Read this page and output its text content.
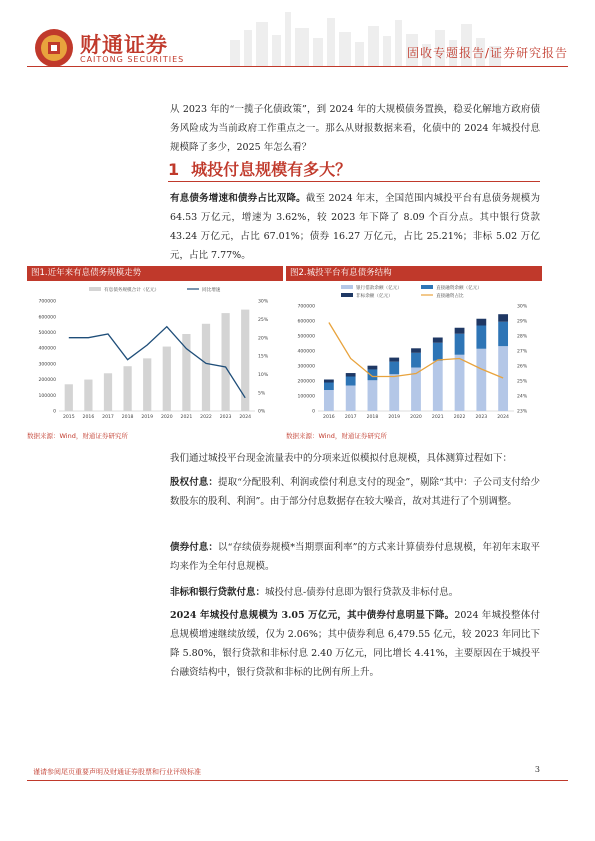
财通证券
CAITONG SECURITIES	固收专题报告/证券研究报告

从 2023 年的“一揽子化债政策”，到 2024 年的大规模债务置换，稳妥化解地方政府债务风险成为当前政府工作重点之一。那么从财报数据来看，化债中的 2024 年城投付息规模降了多少，2025 年怎么看？

1 城投付息规模有多大？

有息债务增速和债券占比双降。截至 2024 年末，全国范围内城投平台有息债务规模为 64.53 万亿元，增速为 3.62%，较 2023 年下降了 8.09 个百分点。其中银行贷款 43.24 万亿元，占比 67.01%；债券 16.27 万亿元，占比 25.21%；非标 5.02 万亿元，占比 7.77%。

图1.近年来有息债务规模走势
有息债务规模合计（亿元）	同比增速
0
100000
200000
300000
400000
500000
600000
700000
0%
5%
10%
15%
20%
25%
30%
2015 2016 2017 2018 2019 2020 2021 2022 2023 2024
数据来源：Wind，财通证券研究所
图2.城投平台有息债务结构
银行借款余额（亿元）	直接融资余额（亿元）
非标余额（亿元）	直接融资占比
0
100000
200000
300000
400000
500000
600000
700000
23%
24%
25%
26%
27%
28%
29%
30%
2016 2017 2018 2019 2020 2021 2022 2023 2024
数据来源：Wind，财通证券研究所

我们通过城投平台现金流量表中的分项来近似模拟付息规模，具体测算过程如下：

股权付息：提取“分配股利、利润或偿付利息支付的现金”，剔除“其中：子公司支付给少数股东的股利、利润”。由于部分付息数据存在较大噪音，故对其进行了个别调整。

债券付息：以“存续债券规模*当期票面利率”的方式来计算债券付息规模，年初年末取平均来作为全年付息规模。

非标和银行贷款付息：城投付息-债券付息即为银行贷款及非标付息。

2024 年城投付息规模为 3.05 万亿元，其中债券付息明显下降。2024 年城投整体付息规模增速继续放缓，仅为 2.06%；其中债券利息 6,479.55 亿元，较 2023 年同比下降 5.80%，银行贷款和非标付息 2.40 万亿元，同比增长 4.41%，主要原因在于城投平台融资结构中，银行贷款和非标的比例有所上升。

谨请参阅尾页重要声明及财通证券股票和行业评级标准	3
